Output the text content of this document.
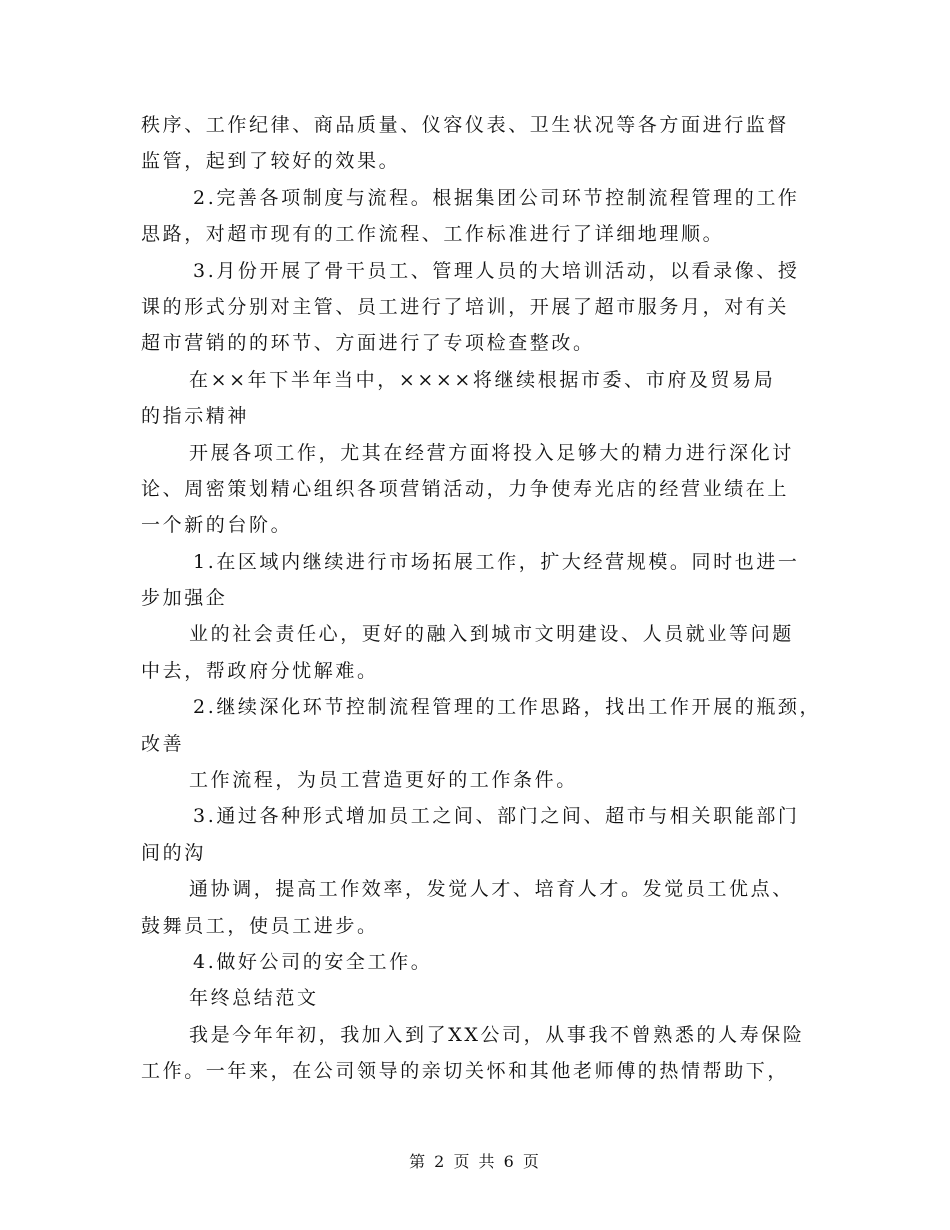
秩序、工作纪律、商品质量、仪容仪表、卫生状况等各方面进行监督
监管，起到了较好的效果。
2.完善各项制度与流程。根据集团公司环节控制流程管理的工作
思路，对超市现有的工作流程、工作标准进行了详细地理顺。
3.月份开展了骨干员工、管理人员的大培训活动，以看录像、授
课的形式分别对主管、员工进行了培训，开展了超市服务月，对有关
超市营销的的环节、方面进行了专项检查整改。
在××年下半年当中，××××将继续根据市委、市府及贸易局
的指示精神
开展各项工作，尤其在经营方面将投入足够大的精力进行深化讨
论、周密策划精心组织各项营销活动，力争使寿光店的经营业绩在上
一个新的台阶。
1.在区域内继续进行市场拓展工作，扩大经营规模。同时也进一
步加强企
业的社会责任心，更好的融入到城市文明建设、人员就业等问题
中去，帮政府分忧解难。
2.继续深化环节控制流程管理的工作思路，找出工作开展的瓶颈，
改善
工作流程，为员工营造更好的工作条件。
3.通过各种形式增加员工之间、部门之间、超市与相关职能部门
间的沟
通协调，提高工作效率，发觉人才、培育人才。发觉员工优点、
鼓舞员工，使员工进步。
4.做好公司的安全工作。
年终总结范文
我是今年年初，我加入到了XX公司，从事我不曾熟悉的人寿保险
工作。一年来，在公司领导的亲切关怀和其他老师傅的热情帮助下，
第 2 页 共 6 页
